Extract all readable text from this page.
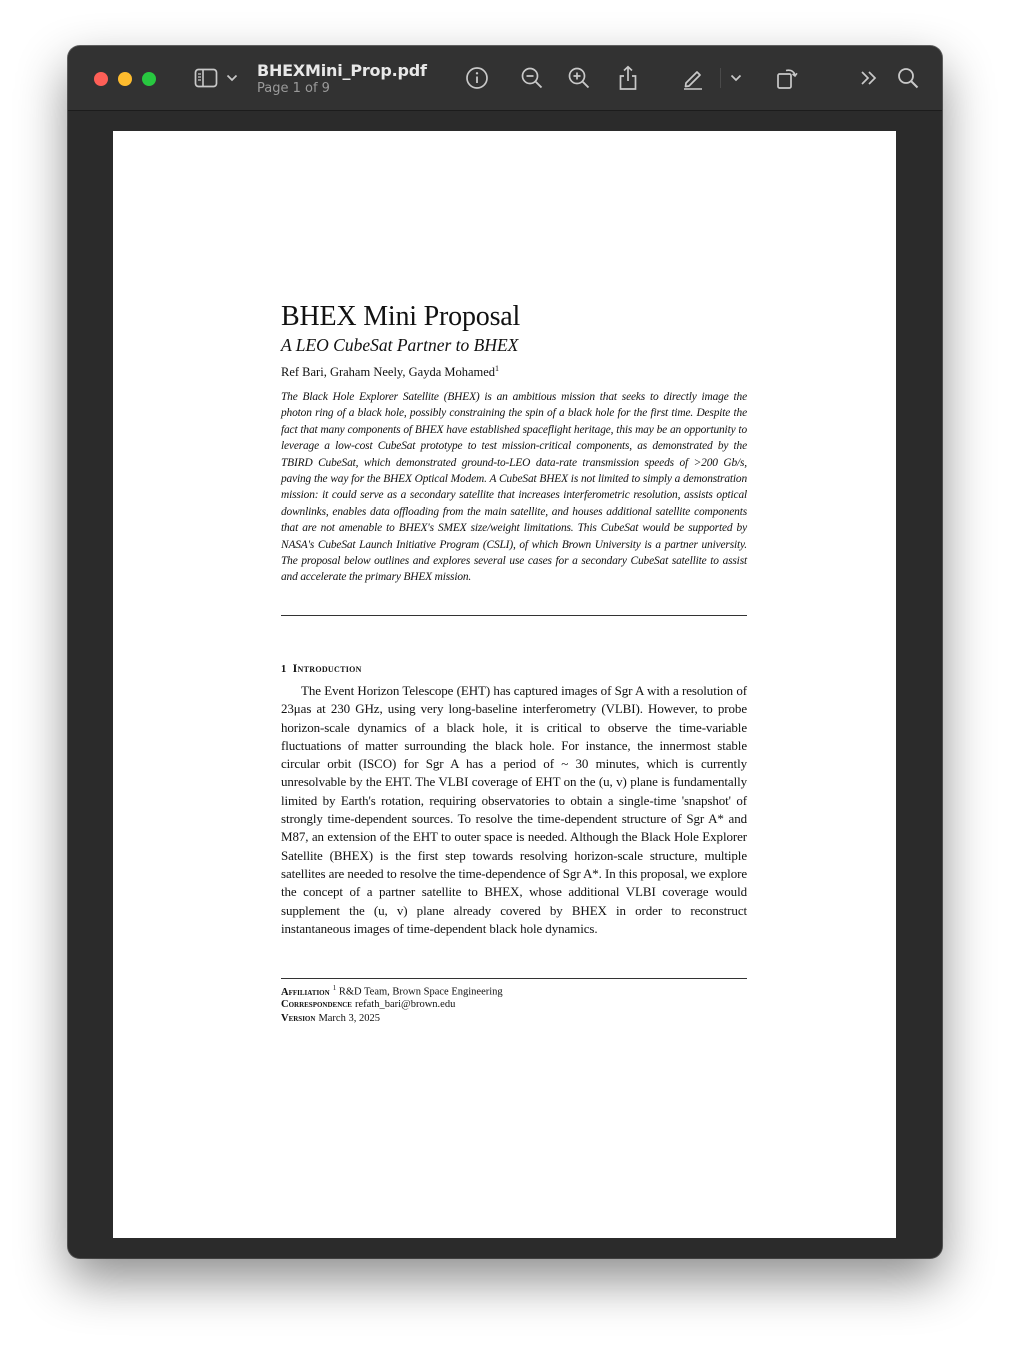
BHEXMini_Prop.pdf
Page 1 of 9
BHEX Mini Proposal
A LEO CubeSat Partner to BHEX
Ref Bari, Graham Neely, Gayda Mohamed$^1$
The Black Hole Explorer Satellite (BHEX) is an ambitious mission that seeks to directly image the photon ring of a black hole, possibly constraining the spin of a black hole for the first time. Despite the fact that many components of BHEX have established spaceflight heritage, this may be an opportunity to leverage a low-cost CubeSat prototype to test mission-critical components, as demonstrated by the TBIRD CubeSat, which demonstrated ground-to-LEO data-rate transmission speeds of >200 Gb/s, paving the way for the BHEX Optical Modem. A CubeSat BHEX is not limited to simply a demonstration mission: it could serve as a secondary satellite that increases interferometric resolution, assists optical downlinks, enables data offloading from the main satellite, and houses additional satellite components that are not amenable to BHEX's SMEX size/weight limitations. This CubeSat would be supported by NASA's CubeSat Launch Initiative Program (CSLI), of which Brown University is a partner university. The proposal below outlines and explores several use cases for a secondary CubeSat satellite to assist and accelerate the primary BHEX mission.
1 Introduction
The Event Horizon Telescope (EHT) has captured images of Sgr A with a resolution of 23μas at 230 GHz, using very long-baseline interferometry (VLBI). However, to probe horizon-scale dynamics of a black hole, it is critical to observe the time-variable fluctuations of matter surrounding the black hole. For instance, the innermost stable circular orbit (ISCO) for Sgr A has a period of ~ 30 minutes, which is currently unresolvable by the EHT. The VLBI coverage of EHT on the (u, v) plane is fundamentally limited by Earth's rotation, requiring observatories to obtain a single-time 'snapshot' of strongly time-dependent sources. To resolve the time-dependent structure of Sgr A* and M87, an extension of the EHT to outer space is needed. Although the Black Hole Explorer Satellite (BHEX) is the first step towards resolving horizon-scale structure, multiple satellites are needed to resolve the time-dependence of Sgr A*. In this proposal, we explore the concept of a partner satellite to BHEX, whose additional VLBI coverage would supplement the (u, v) plane already covered by BHEX in order to reconstruct instantaneous images of time-dependent black hole dynamics.
Affiliation $^1$ R&D Team, Brown Space Engineering
Correspondence refath_bari@brown.edu
Version March 3, 2025
